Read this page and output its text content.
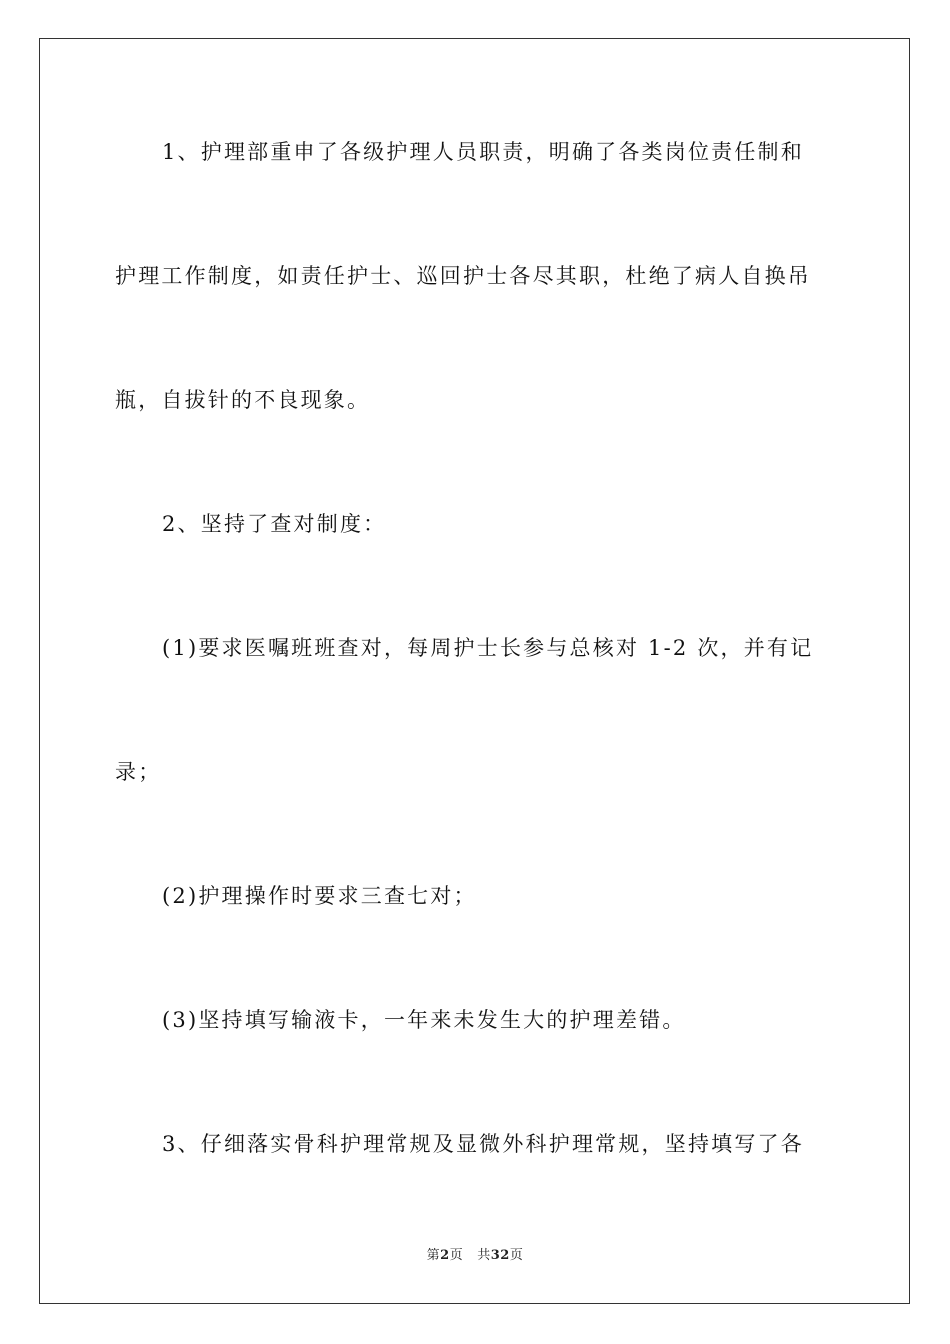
1、护理部重申了各级护理人员职责，明确了各类岗位责任制和
护理工作制度，如责任护士、巡回护士各尽其职，杜绝了病人自换吊
瓶，自拔针的不良现象。
2、坚持了查对制度：
(1)要求医嘱班班查对，每周护士长参与总核对 1-2 次，并有记
录；
(2)护理操作时要求三查七对；
(3)坚持填写输液卡，一年来未发生大的护理差错。
3、仔细落实骨科护理常规及显微外科护理常规，坚持填写了各
第2页 共32页
